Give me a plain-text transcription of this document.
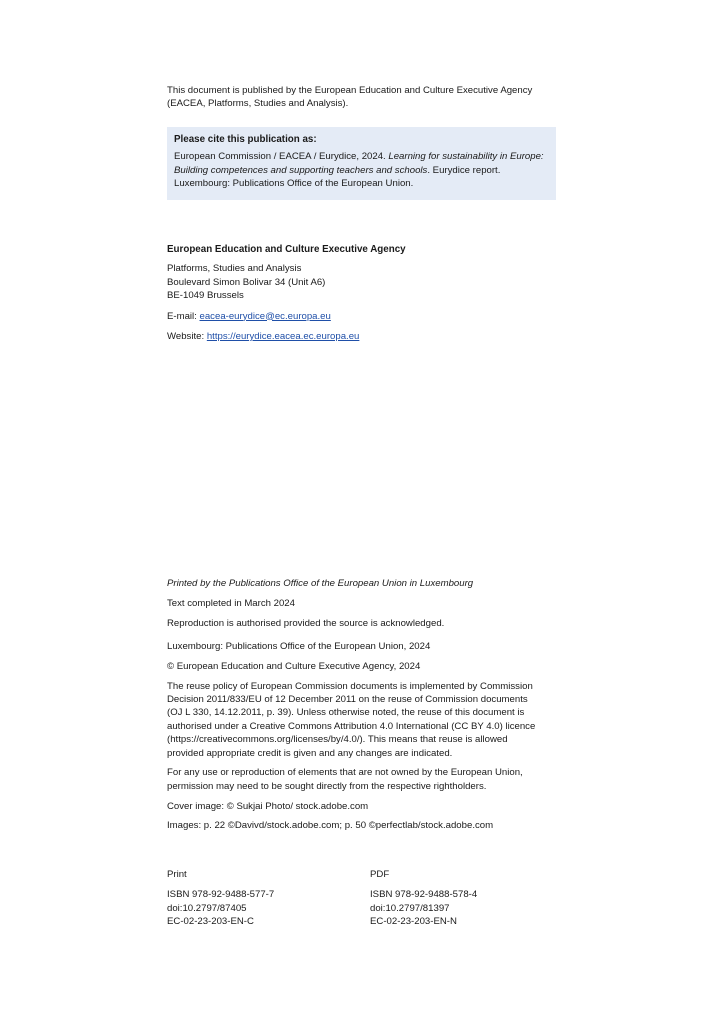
This document is published by the European Education and Culture Executive Agency

(EACEA, Platforms, Studies and Analysis).

Please cite this publication as:

European Commission / EACEA / Eurydice, 2024. Learning for sustainability in Europe: Building competences and supporting teachers and schools. Eurydice report. Luxembourg: Publications Office of the European Union.

European Education and Culture Executive Agency

Platforms, Studies and Analysis

Boulevard Simon Bolivar 34 (Unit A6)

BE-1049 Brussels

E-mail: eacea-eurydice@ec.europa.eu

Website: https://eurydice.eacea.ec.europa.eu

Printed by the Publications Office of the European Union in Luxembourg

Text completed in March 2024

Reproduction is authorised provided the source is acknowledged.

Luxembourg: Publications Office of the European Union, 2024

© European Education and Culture Executive Agency, 2024

The reuse policy of European Commission documents is implemented by Commission
Decision 2011/833/EU of 12 December 2011 on the reuse of Commission documents
(OJ L 330, 14.12.2011, p. 39). Unless otherwise noted, the reuse of this document is
authorised under a Creative Commons Attribution 4.0 International (CC BY 4.0) licence
(https://creativecommons.org/licenses/by/4.0/). This means that reuse is allowed
provided appropriate credit is given and any changes are indicated.

For any use or reproduction of elements that are not owned by the European Union,
permission may need to be sought directly from the respective rightholders.

Cover image: © Sukjai Photo/ stock.adobe.com

Images: p. 22 ©Davivd/stock.adobe.com; p. 50 ©perfectlab/stock.adobe.com

Print

ISBN 978-92-9488-577-7

doi:10.2797/87405

EC-02-23-203-EN-C

PDF

ISBN 978-92-9488-578-4

doi:10.2797/81397

EC-02-23-203-EN-N
